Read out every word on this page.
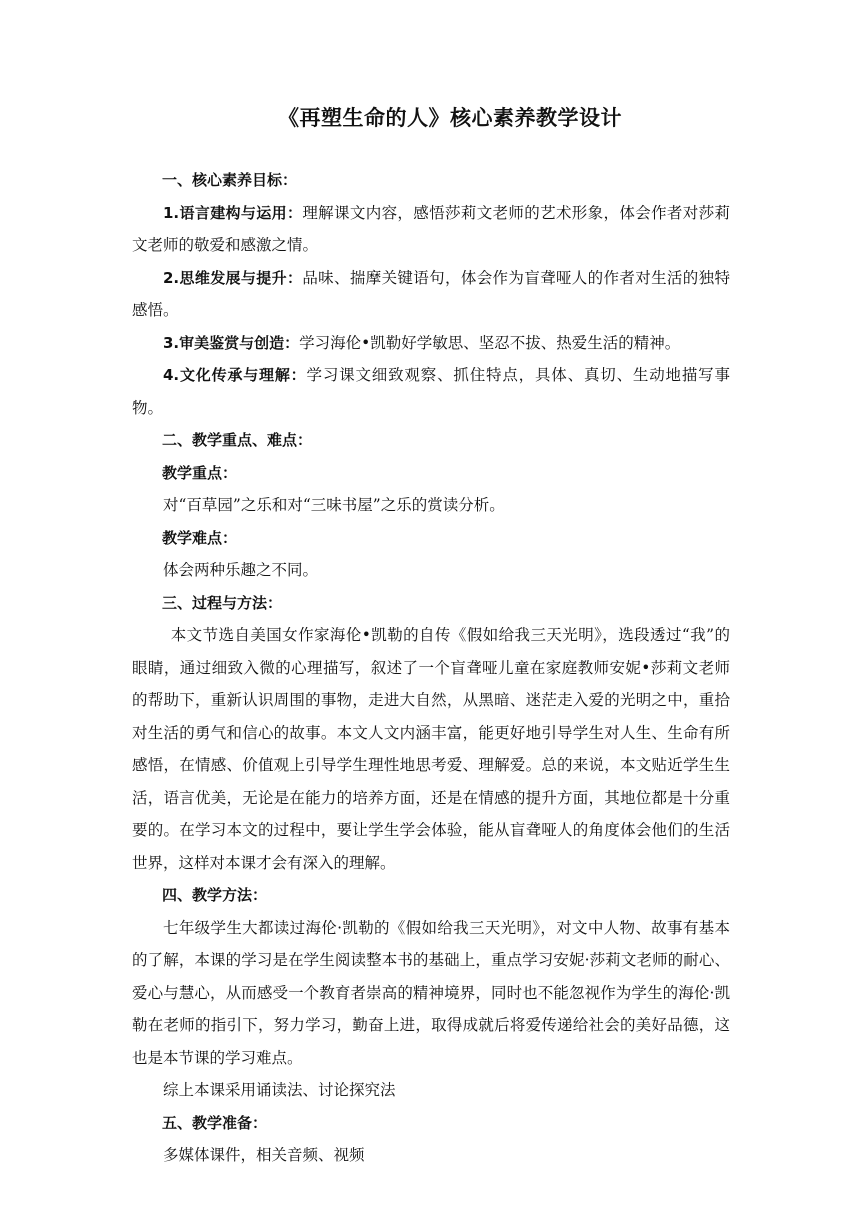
《再塑生命的人》核心素养教学设计

一、核心素养目标：

1.语言建构与运用：理解课文内容，感悟莎莉文老师的艺术形象，体会作者对莎莉文老师的敬爱和感激之情。

2.思维发展与提升：品味、揣摩关键语句，体会作为盲聋哑人的作者对生活的独特感悟。

3.审美鉴赏与创造：学习海伦•凯勒好学敏思、坚忍不拔、热爱生活的精神。

4.文化传承与理解：学习课文细致观察、抓住特点，具体、真切、生动地描写事物。

二、教学重点、难点：

教学重点：

对“百草园”之乐和对“三味书屋”之乐的赏读分析。

教学难点：

体会两种乐趣之不同。

三、过程与方法：

本文节选自美国女作家海伦•凯勒的自传《假如给我三天光明》，选段透过“我”的眼睛，通过细致入微的心理描写，叙述了一个盲聋哑儿童在家庭教师安妮•莎莉文老师的帮助下，重新认识周围的事物，走进大自然，从黑暗、迷茫走入爱的光明之中，重拾对生活的勇气和信心的故事。本文人文内涵丰富，能更好地引导学生对人生、生命有所感悟，在情感、价值观上引导学生理性地思考爱、理解爱。总的来说，本文贴近学生生活，语言优美，无论是在能力的培养方面，还是在情感的提升方面，其地位都是十分重要的。在学习本文的过程中，要让学生学会体验，能从盲聋哑人的角度体会他们的生活世界，这样对本课才会有深入的理解。

四、教学方法：

七年级学生大都读过海伦·凯勒的《假如给我三天光明》，对文中人物、故事有基本的了解，本课的学习是在学生阅读整本书的基础上，重点学习安妮·莎莉文老师的耐心、爱心与慧心，从而感受一个教育者崇高的精神境界，同时也不能忽视作为学生的海伦·凯勒在老师的指引下，努力学习，勤奋上进，取得成就后将爱传递给社会的美好品德，这也是本节课的学习难点。

综上本课采用诵读法、讨论探究法

五、教学准备：

多媒体课件，相关音频、视频
